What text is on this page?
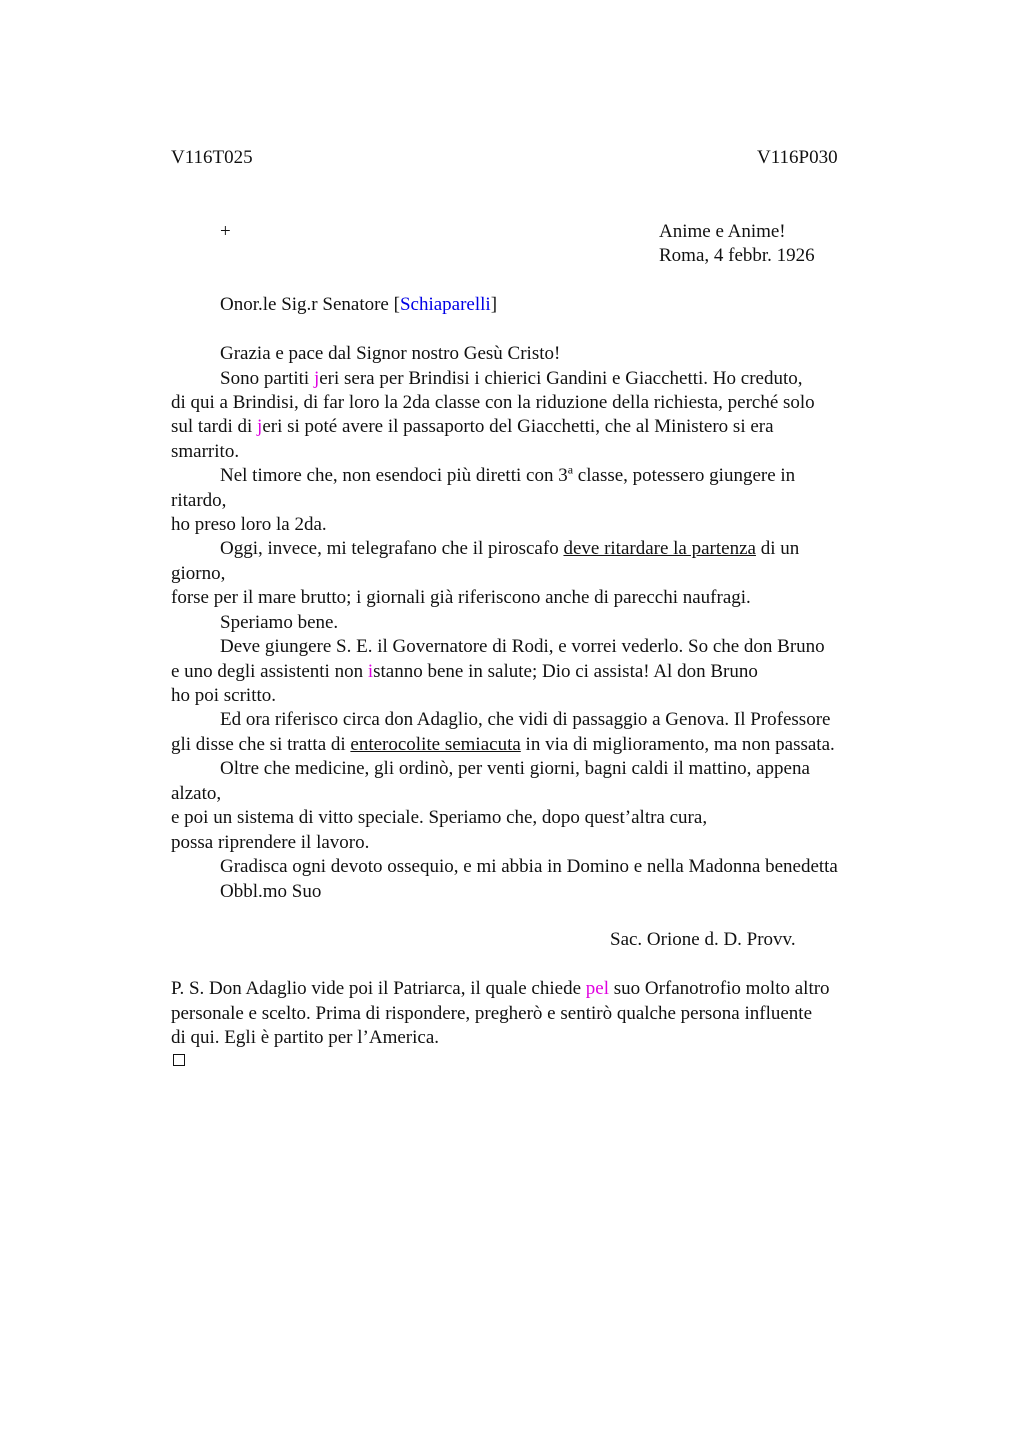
V116T025	V116P030
+	Anime e Anime!
Roma, 4 febbr. 1926
Onor.le Sig.r Senatore [Schiaparelli]
Grazia e pace dal Signor nostro Gesù Cristo!
Sono partiti jeri sera per Brindisi i chierici Gandini e Giacchetti. Ho creduto,
di qui a Brindisi, di far loro la 2da classe con la riduzione della richiesta, perché solo
sul tardi di jeri si poté avere il passaporto del Giacchetti, che al Ministero si era
smarrito.
Nel timore che, non esendoci più diretti con 3$^a$ classe, potessero giungere in
ritardo,
ho preso loro la 2da.
Oggi, invece, mi telegrafano che il piroscafo deve ritardare la partenza di un
giorno,
forse per il mare brutto; i giornali già riferiscono anche di parecchi naufragi.
Speriamo bene.
Deve giungere S. E. il Governatore di Rodi, e vorrei vederlo. So che don Bruno
e uno degli assistenti non istanno bene in salute; Dio ci assista! Al don Bruno
ho poi scritto.
Ed ora riferisco circa don Adaglio, che vidi di passaggio a Genova. Il Professore
gli disse che si tratta di enterocolite semiacuta in via di miglioramento, ma non passata.
Oltre che medicine, gli ordinò, per venti giorni, bagni caldi il mattino, appena
alzato,
e poi un sistema di vitto speciale. Speriamo che, dopo quest’altra cura,
possa riprendere il lavoro.
Gradisca ogni devoto ossequio, e mi abbia in Domino e nella Madonna benedetta
Obbl.mo Suo
Sac. Orione d. D. Provv.
P. S. Don Adaglio vide poi il Patriarca, il quale chiede pel suo Orfanotrofio molto altro
personale e scelto. Prima di rispondere, pregherò e sentirò qualche persona influente
di qui. Egli è partito per l’America.
